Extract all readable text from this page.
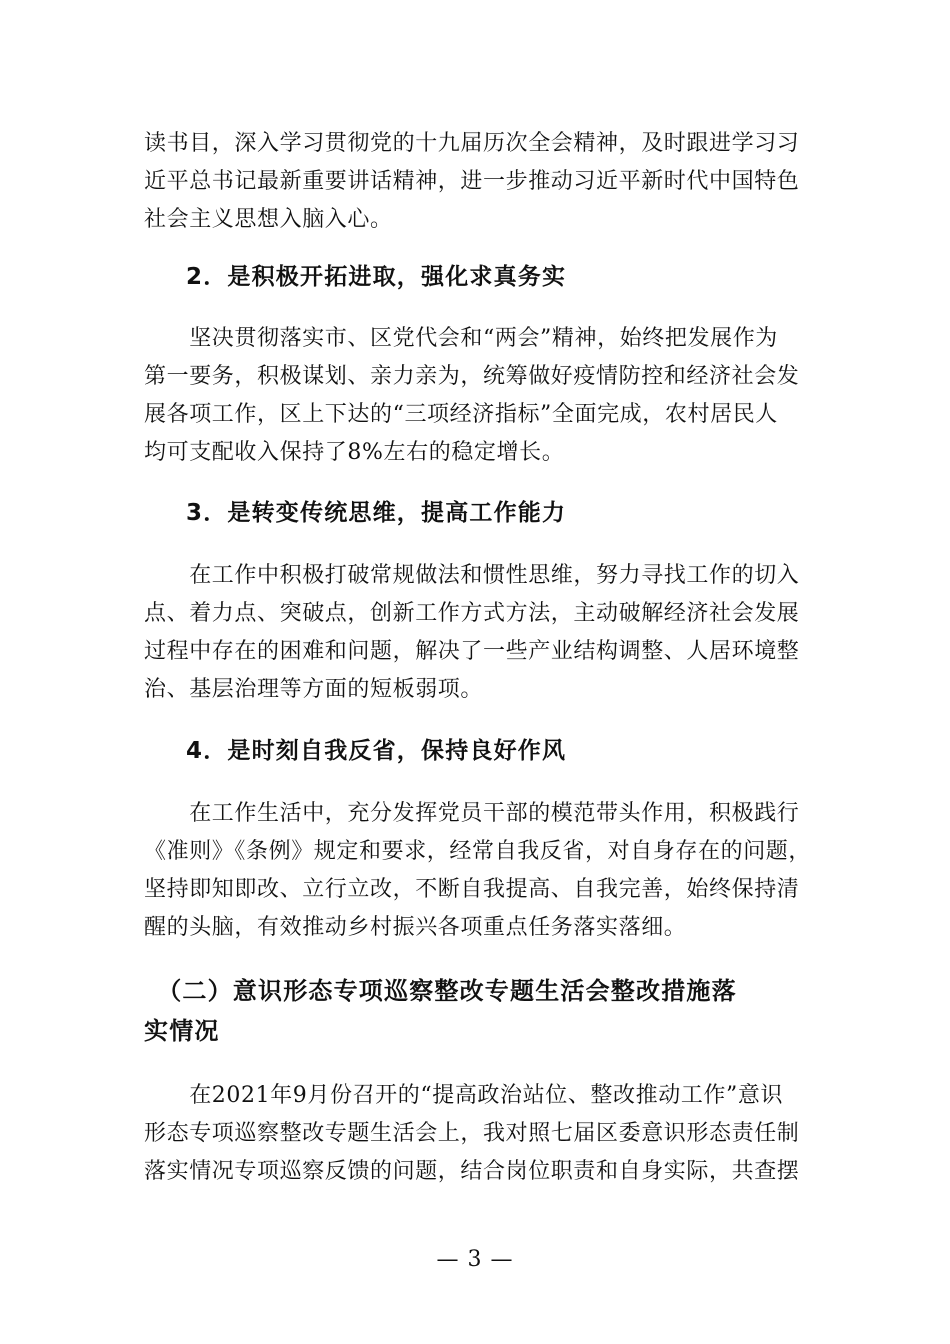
读书目，深入学习贯彻党的十九届历次全会精神，及时跟进学习习
近平总书记最新重要讲话精神，进一步推动习近平新时代中国特色
社会主义思想入脑入心。
2．是积极开拓进取，强化求真务实
　　坚决贯彻落实市、区党代会和“两会”精神，始终把发展作为
第一要务，积极谋划、亲力亲为，统筹做好疫情防控和经济社会发
展各项工作，区上下达的“三项经济指标”全面完成，农村居民人
均可支配收入保持了8%左右的稳定增长。
3．是转变传统思维，提高工作能力
　　在工作中积极打破常规做法和惯性思维，努力寻找工作的切入
点、着力点、突破点，创新工作方式方法，主动破解经济社会发展
过程中存在的困难和问题，解决了一些产业结构调整、人居环境整
治、基层治理等方面的短板弱项。
4．是时刻自我反省，保持良好作风
　　在工作生活中，充分发挥党员干部的模范带头作用，积极践行
《准则》《条例》规定和要求，经常自我反省，对自身存在的问题，
坚持即知即改、立行立改，不断自我提高、自我完善，始终保持清
醒的头脑，有效推动乡村振兴各项重点任务落实落细。
　（二）意识形态专项巡察整改专题生活会整改措施落
实情况
　　在2021年9月份召开的“提高政治站位、整改推动工作”意识
形态专项巡察整改专题生活会上，我对照七届区委意识形态责任制
落实情况专项巡察反馈的问题，结合岗位职责和自身实际，共查摆
— 3 —
